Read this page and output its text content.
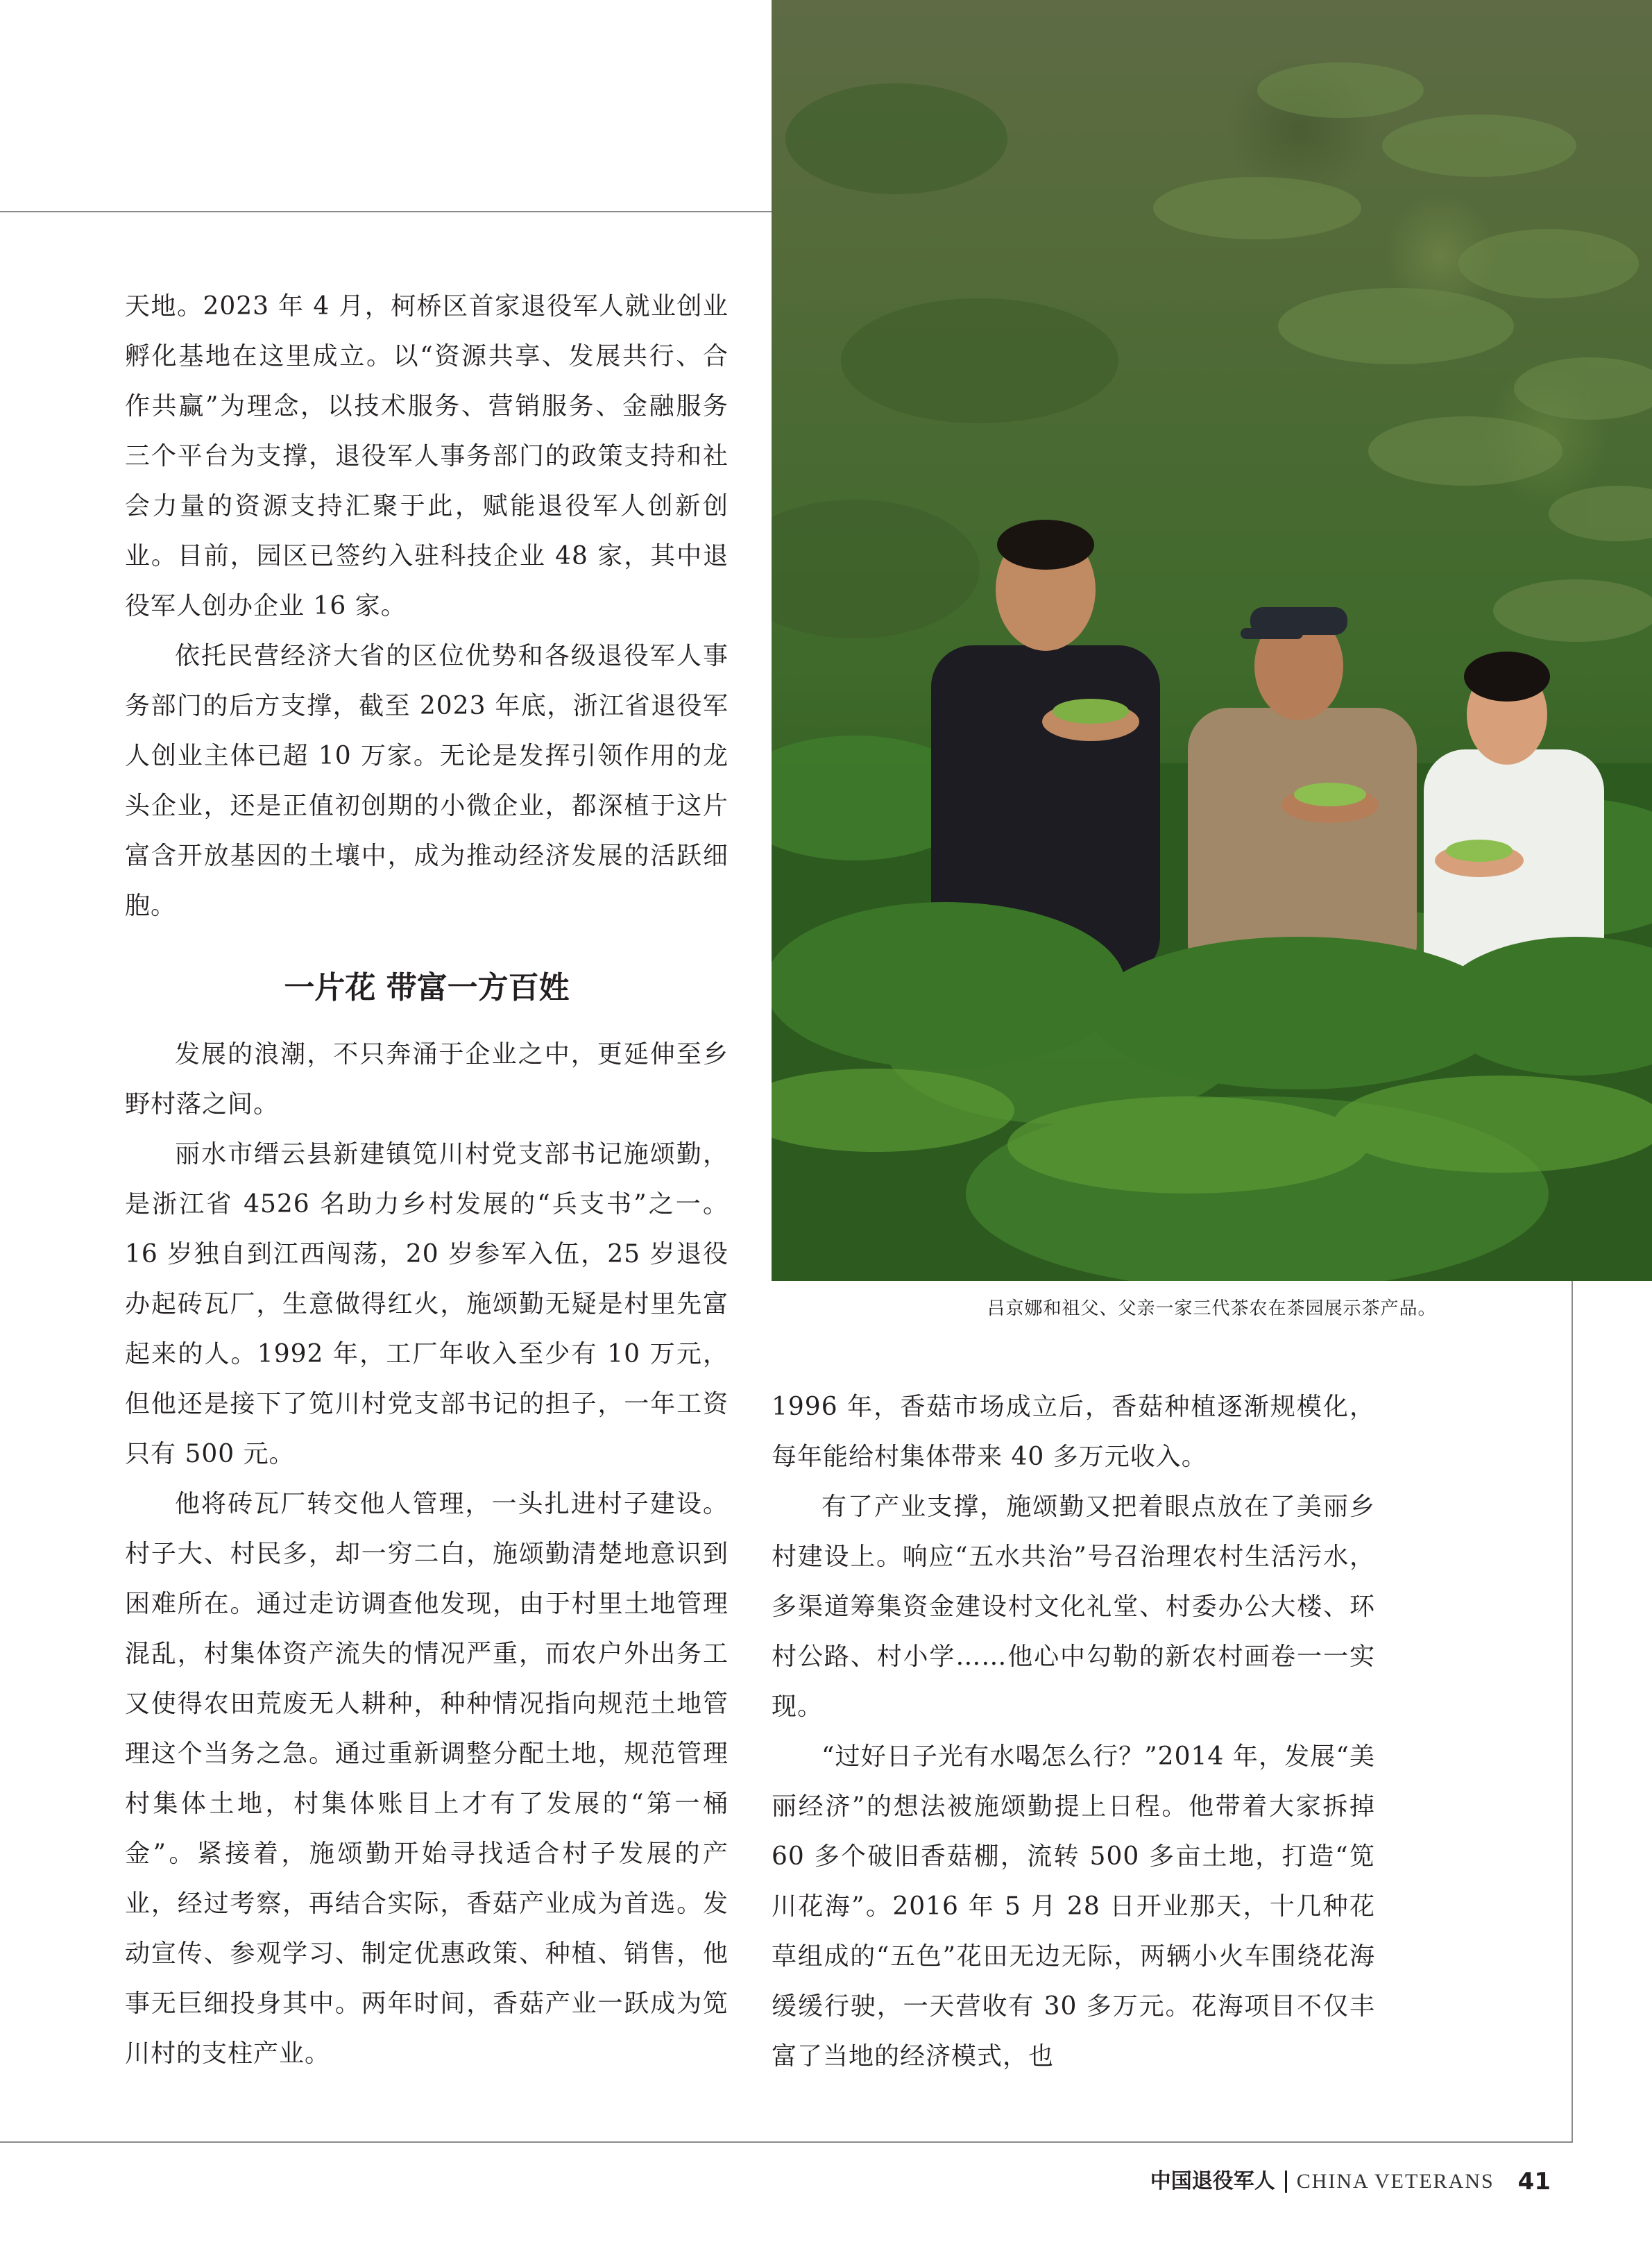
天地。2023 年 4 月，柯桥区首家退役军人就业创业孵化基地在这里成立。以“资源共享、发展共行、合作共赢”为理念，以技术服务、营销服务、金融服务三个平台为支撑，退役军人事务部门的政策支持和社会力量的资源支持汇聚于此，赋能退役军人创新创业。目前，园区已签约入驻科技企业 48 家，其中退役军人创办企业 16 家。

依托民营经济大省的区位优势和各级退役军人事务部门的后方支撑，截至 2023 年底，浙江省退役军人创业主体已超 10 万家。无论是发挥引领作用的龙头企业，还是正值初创期的小微企业，都深植于这片富含开放基因的土壤中，成为推动经济发展的活跃细胞。

一片花 带富一方百姓

发展的浪潮，不只奔涌于企业之中，更延伸至乡野村落之间。

丽水市缙云县新建镇笕川村党支部书记施颂勤，是浙江省 4526 名助力乡村发展的“兵支书”之一。16 岁独自到江西闯荡，20 岁参军入伍，25 岁退役办起砖瓦厂，生意做得红火，施颂勤无疑是村里先富起来的人。1992 年，工厂年收入至少有 10 万元，但他还是接下了笕川村党支部书记的担子，一年工资只有 500 元。

他将砖瓦厂转交他人管理，一头扎进村子建设。村子大、村民多，却一穷二白，施颂勤清楚地意识到困难所在。通过走访调查他发现，由于村里土地管理混乱，村集体资产流失的情况严重，而农户外出务工又使得农田荒废无人耕种，种种情况指向规范土地管理这个当务之急。通过重新调整分配土地，规范管理村集体土地，村集体账目上才有了发展的“第一桶金”。紧接着，施颂勤开始寻找适合村子发展的产业，经过考察，再结合实际，香菇产业成为首选。发动宣传、参观学习、制定优惠政策、种植、销售，他事无巨细投身其中。两年时间，香菇产业一跃成为笕川村的支柱产业。

吕京娜和祖父、父亲一家三代茶农在茶园展示茶产品。

1996 年，香菇市场成立后，香菇种植逐渐规模化，每年能给村集体带来 40 多万元收入。

有了产业支撑，施颂勤又把着眼点放在了美丽乡村建设上。响应“五水共治”号召治理农村生活污水，多渠道筹集资金建设村文化礼堂、村委办公大楼、环村公路、村小学……他心中勾勒的新农村画卷一一实现。

“过好日子光有水喝怎么行？”2014 年，发展“美丽经济”的想法被施颂勤提上日程。他带着大家拆掉 60 多个破旧香菇棚，流转 500 多亩土地，打造“笕川花海”。2016 年 5 月 28 日开业那天，十几种花草组成的“五色”花田无边无际，两辆小火车围绕花海缓缓行驶，一天营收有 30 多万元。花海项目不仅丰富了当地的经济模式，也

中国退役军人 CHINA VETERANS 41
